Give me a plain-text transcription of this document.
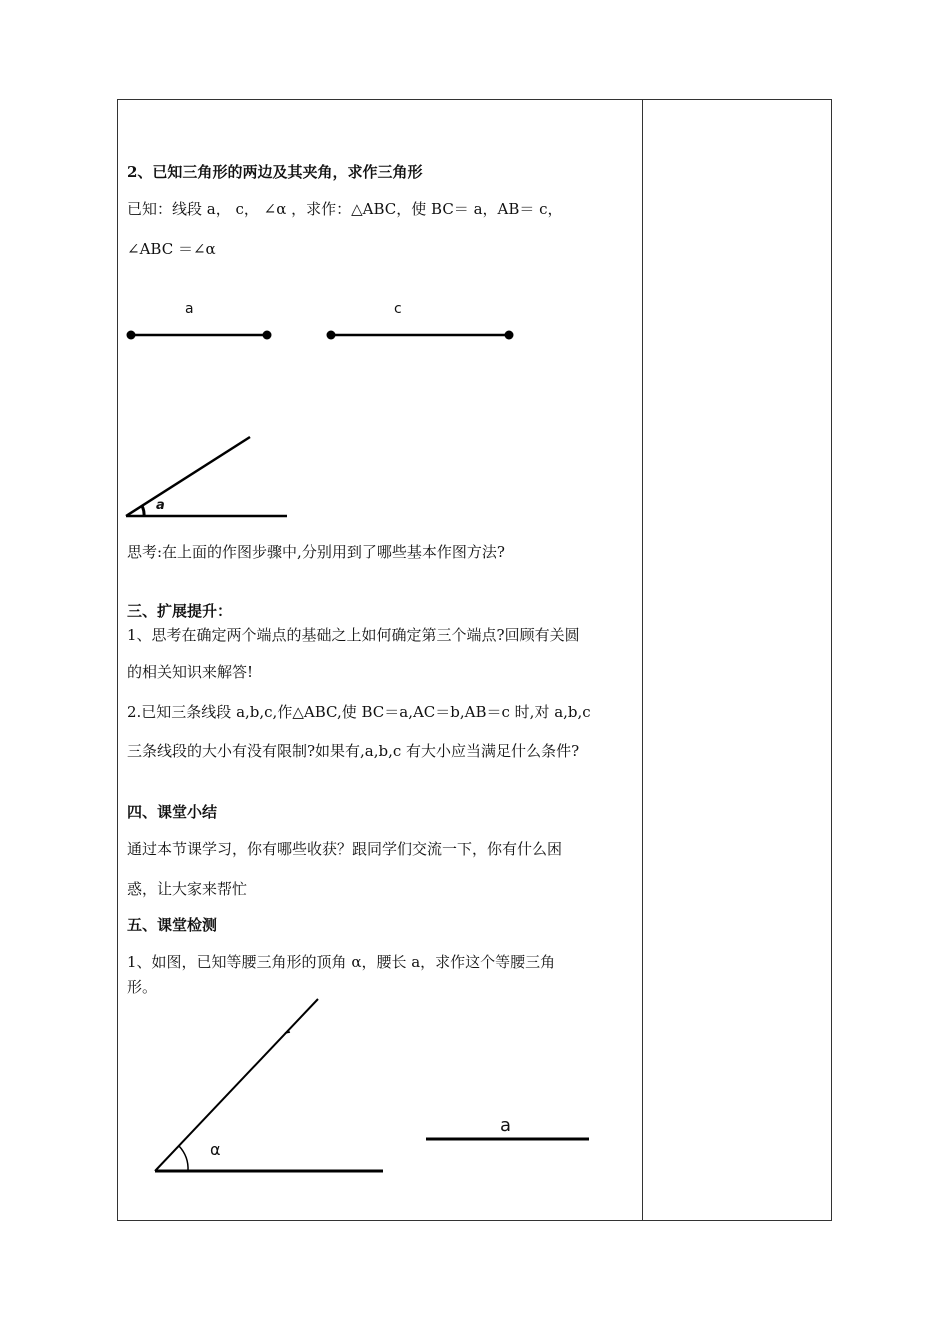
2、已知三角形的两边及其夹角，求作三角形
已知：线段 a， c， ∠α ，求作：△ABC，使 BC＝ a，AB＝ c，
∠ABC ＝∠α
a	c
a
思考:在上面的作图步骤中,分别用到了哪些基本作图方法?
三、扩展提升：
1、思考在确定两个端点的基础之上如何确定第三个端点?回顾有关圆
的相关知识来解答!
2.已知三条线段 a,b,c,作△ABC,使 BC＝a,AC＝b,AB＝c 时,对 a,b,c
三条线段的大小有没有限制?如果有,a,b,c 有大小应当满足什么条件?
四、课堂小结
通过本节课学习，你有哪些收获？跟同学们交流一下，你有什么困
惑，让大家来帮忙
五、课堂检测
1、如图，已知等腰三角形的顶角 α，腰长 a，求作这个等腰三角
形。
α
a
